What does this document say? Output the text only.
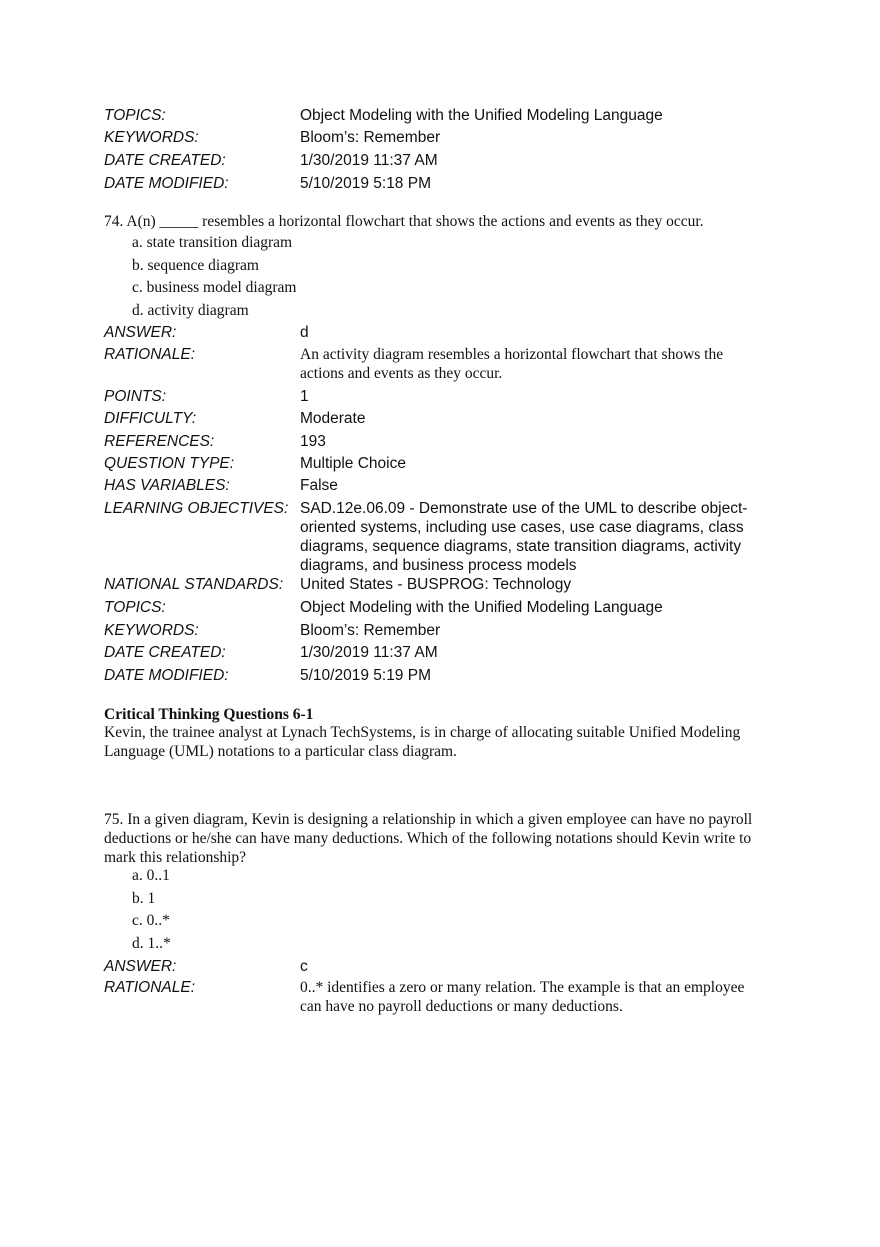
TOPICS:	Object Modeling with the Unified Modeling Language
KEYWORDS:	Bloom’s: Remember
DATE CREATED:	1/30/2019 11:37 AM
DATE MODIFIED:	5/10/2019 5:18 PM
74. A(n) _____ resembles a horizontal flowchart that shows the actions and events as they occur.
a. state transition diagram
b. sequence diagram
c. business model diagram
d. activity diagram
ANSWER:	d
RATIONALE:	An activity diagram resembles a horizontal flowchart that shows the actions and events as they occur.
POINTS:	1
DIFFICULTY:	Moderate
REFERENCES:	193
QUESTION TYPE:	Multiple Choice
HAS VARIABLES:	False
LEARNING OBJECTIVES: SAD.12e.06.09 - Demonstrate use of the UML to describe object-oriented systems, including use cases, use case diagrams, class diagrams, sequence diagrams, state transition diagrams, activity diagrams, and business process models
NATIONAL STANDARDS:	United States - BUSPROG: Technology
TOPICS:	Object Modeling with the Unified Modeling Language
KEYWORDS:	Bloom’s: Remember
DATE CREATED:	1/30/2019 11:37 AM
DATE MODIFIED:	5/10/2019 5:19 PM
Critical Thinking Questions 6-1
Kevin, the trainee analyst at Lynach TechSystems, is in charge of allocating suitable Unified Modeling Language (UML) notations to a particular class diagram.
75. In a given diagram, Kevin is designing a relationship in which a given employee can have no payroll deductions or he/she can have many deductions. Which of the following notations should Kevin write to mark this relationship?
a. 0..1
b. 1
c. 0..*
d. 1..*
ANSWER:	c
RATIONALE:	0..* identifies a zero or many relation. The example is that an employee can have no payroll deductions or many deductions.
